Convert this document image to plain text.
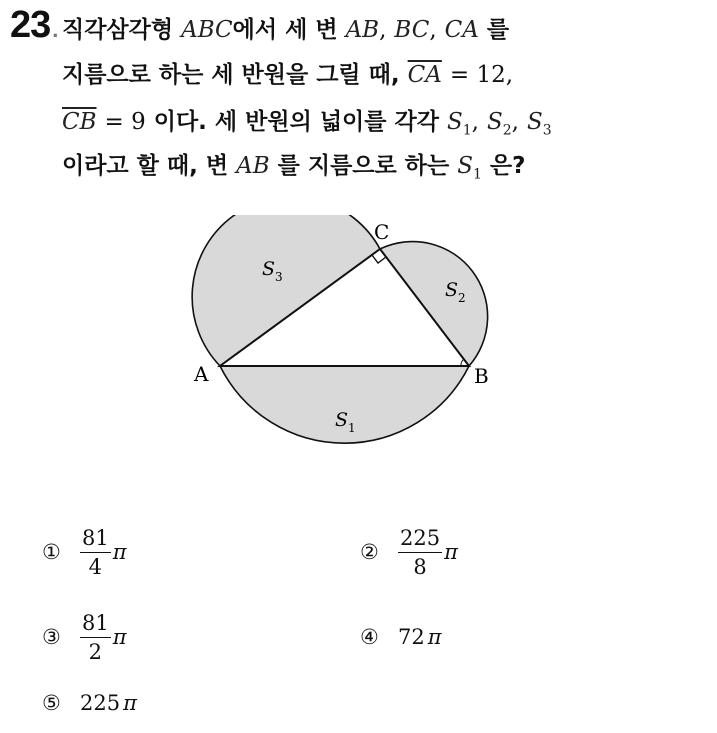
23. 직각삼각형 ABC에서 세 변 AB, BC, CA 를
지름으로 하는 세 반원을 그릴 때, $\overline{CA} = 12$,
$\overline{CB} = 9$ 이다. 세 반원의 넓이를 각각 $S_1$, $S_2$, $S_3$
이라고 할 때, 변 AB 를 지름으로 하는 $S_1$ 은?
A	B
C
$S_3$
$S_2$
$S_1$
① $\frac{81}{4}$ π	② $\frac{225}{8}$ π
③ $\frac{81}{2}$ π	④ 72 π
⑤ 225 π
